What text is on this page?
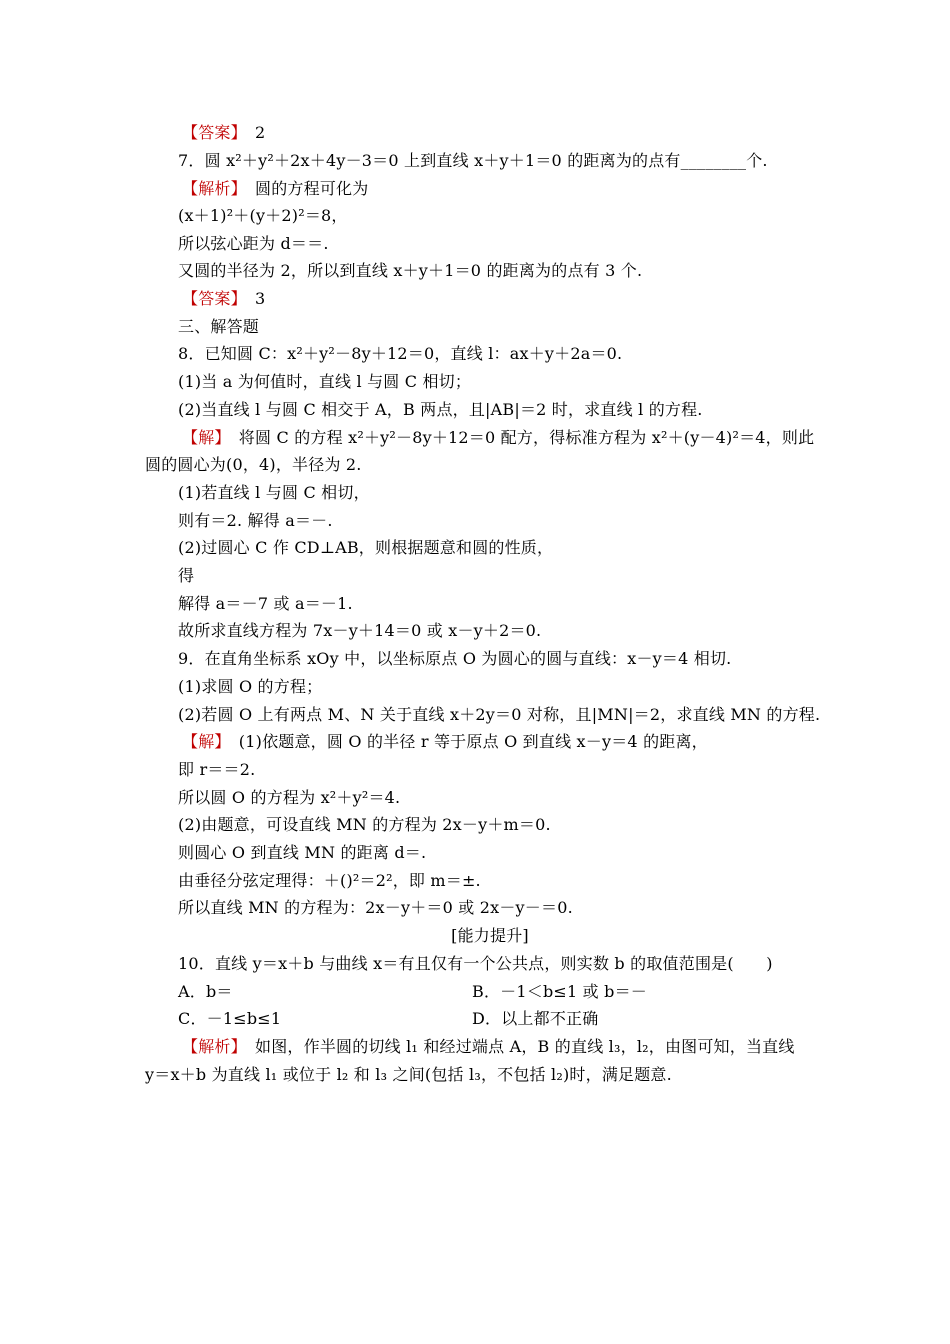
【答案】　2
7．圆 x²＋y²＋2x＋4y－3＝0 上到直线 x＋y＋1＝0 的距离为的点有________个.
【解析】　圆的方程可化为
(x＋1)²＋(y＋2)²＝8，
所以弦心距为 d＝＝.
又圆的半径为 2，所以到直线 x＋y＋1＝0 的距离为的点有 3 个.
【答案】　3
三、解答题
8．已知圆 C：x²＋y²－8y＋12＝0，直线 l：ax＋y＋2a＝0.
(1)当 a 为何值时，直线 l 与圆 C 相切；
(2)当直线 l 与圆 C 相交于 A，B 两点，且|AB|＝2 时，求直线 l 的方程.
【解】　将圆 C 的方程 x²＋y²－8y＋12＝0 配方，得标准方程为 x²＋(y－4)²＝4，则此
圆的圆心为(0，4)，半径为 2.
(1)若直线 l 与圆 C 相切，
则有＝2. 解得 a＝－.
(2)过圆心 C 作 CD⊥AB，则根据题意和圆的性质，
得
解得 a＝－7 或 a＝－1.
故所求直线方程为 7x－y＋14＝0 或 x－y＋2＝0.
9．在直角坐标系 xOy 中，以坐标原点 O 为圆心的圆与直线：x－y＝4 相切.
(1)求圆 O 的方程；
(2)若圆 O 上有两点 M、N 关于直线 x＋2y＝0 对称，且|MN|＝2，求直线 MN 的方程.
【解】　(1)依题意，圆 O 的半径 r 等于原点 O 到直线 x－y＝4 的距离，
即 r＝＝2.
所以圆 O 的方程为 x²＋y²＝4.
(2)由题意，可设直线 MN 的方程为 2x－y＋m＝0.
则圆心 O 到直线 MN 的距离 d＝.
由垂径分弦定理得：＋()²＝2²，即 m＝±.
所以直线 MN 的方程为：2x－y＋＝0 或 2x－y－＝0.
[能力提升]
10．直线 y＝x＋b 与曲线 x＝有且仅有一个公共点，则实数 b 的取值范围是(　　)
A．b＝	B．－1＜b≤1 或 b＝－
C．－1≤b≤1	D．以上都不正确
【解析】　如图，作半圆的切线 l₁ 和经过端点 A，B 的直线 l₃，l₂，由图可知，当直线
y＝x＋b 为直线 l₁ 或位于 l₂ 和 l₃ 之间(包括 l₃，不包括 l₂)时，满足题意.
